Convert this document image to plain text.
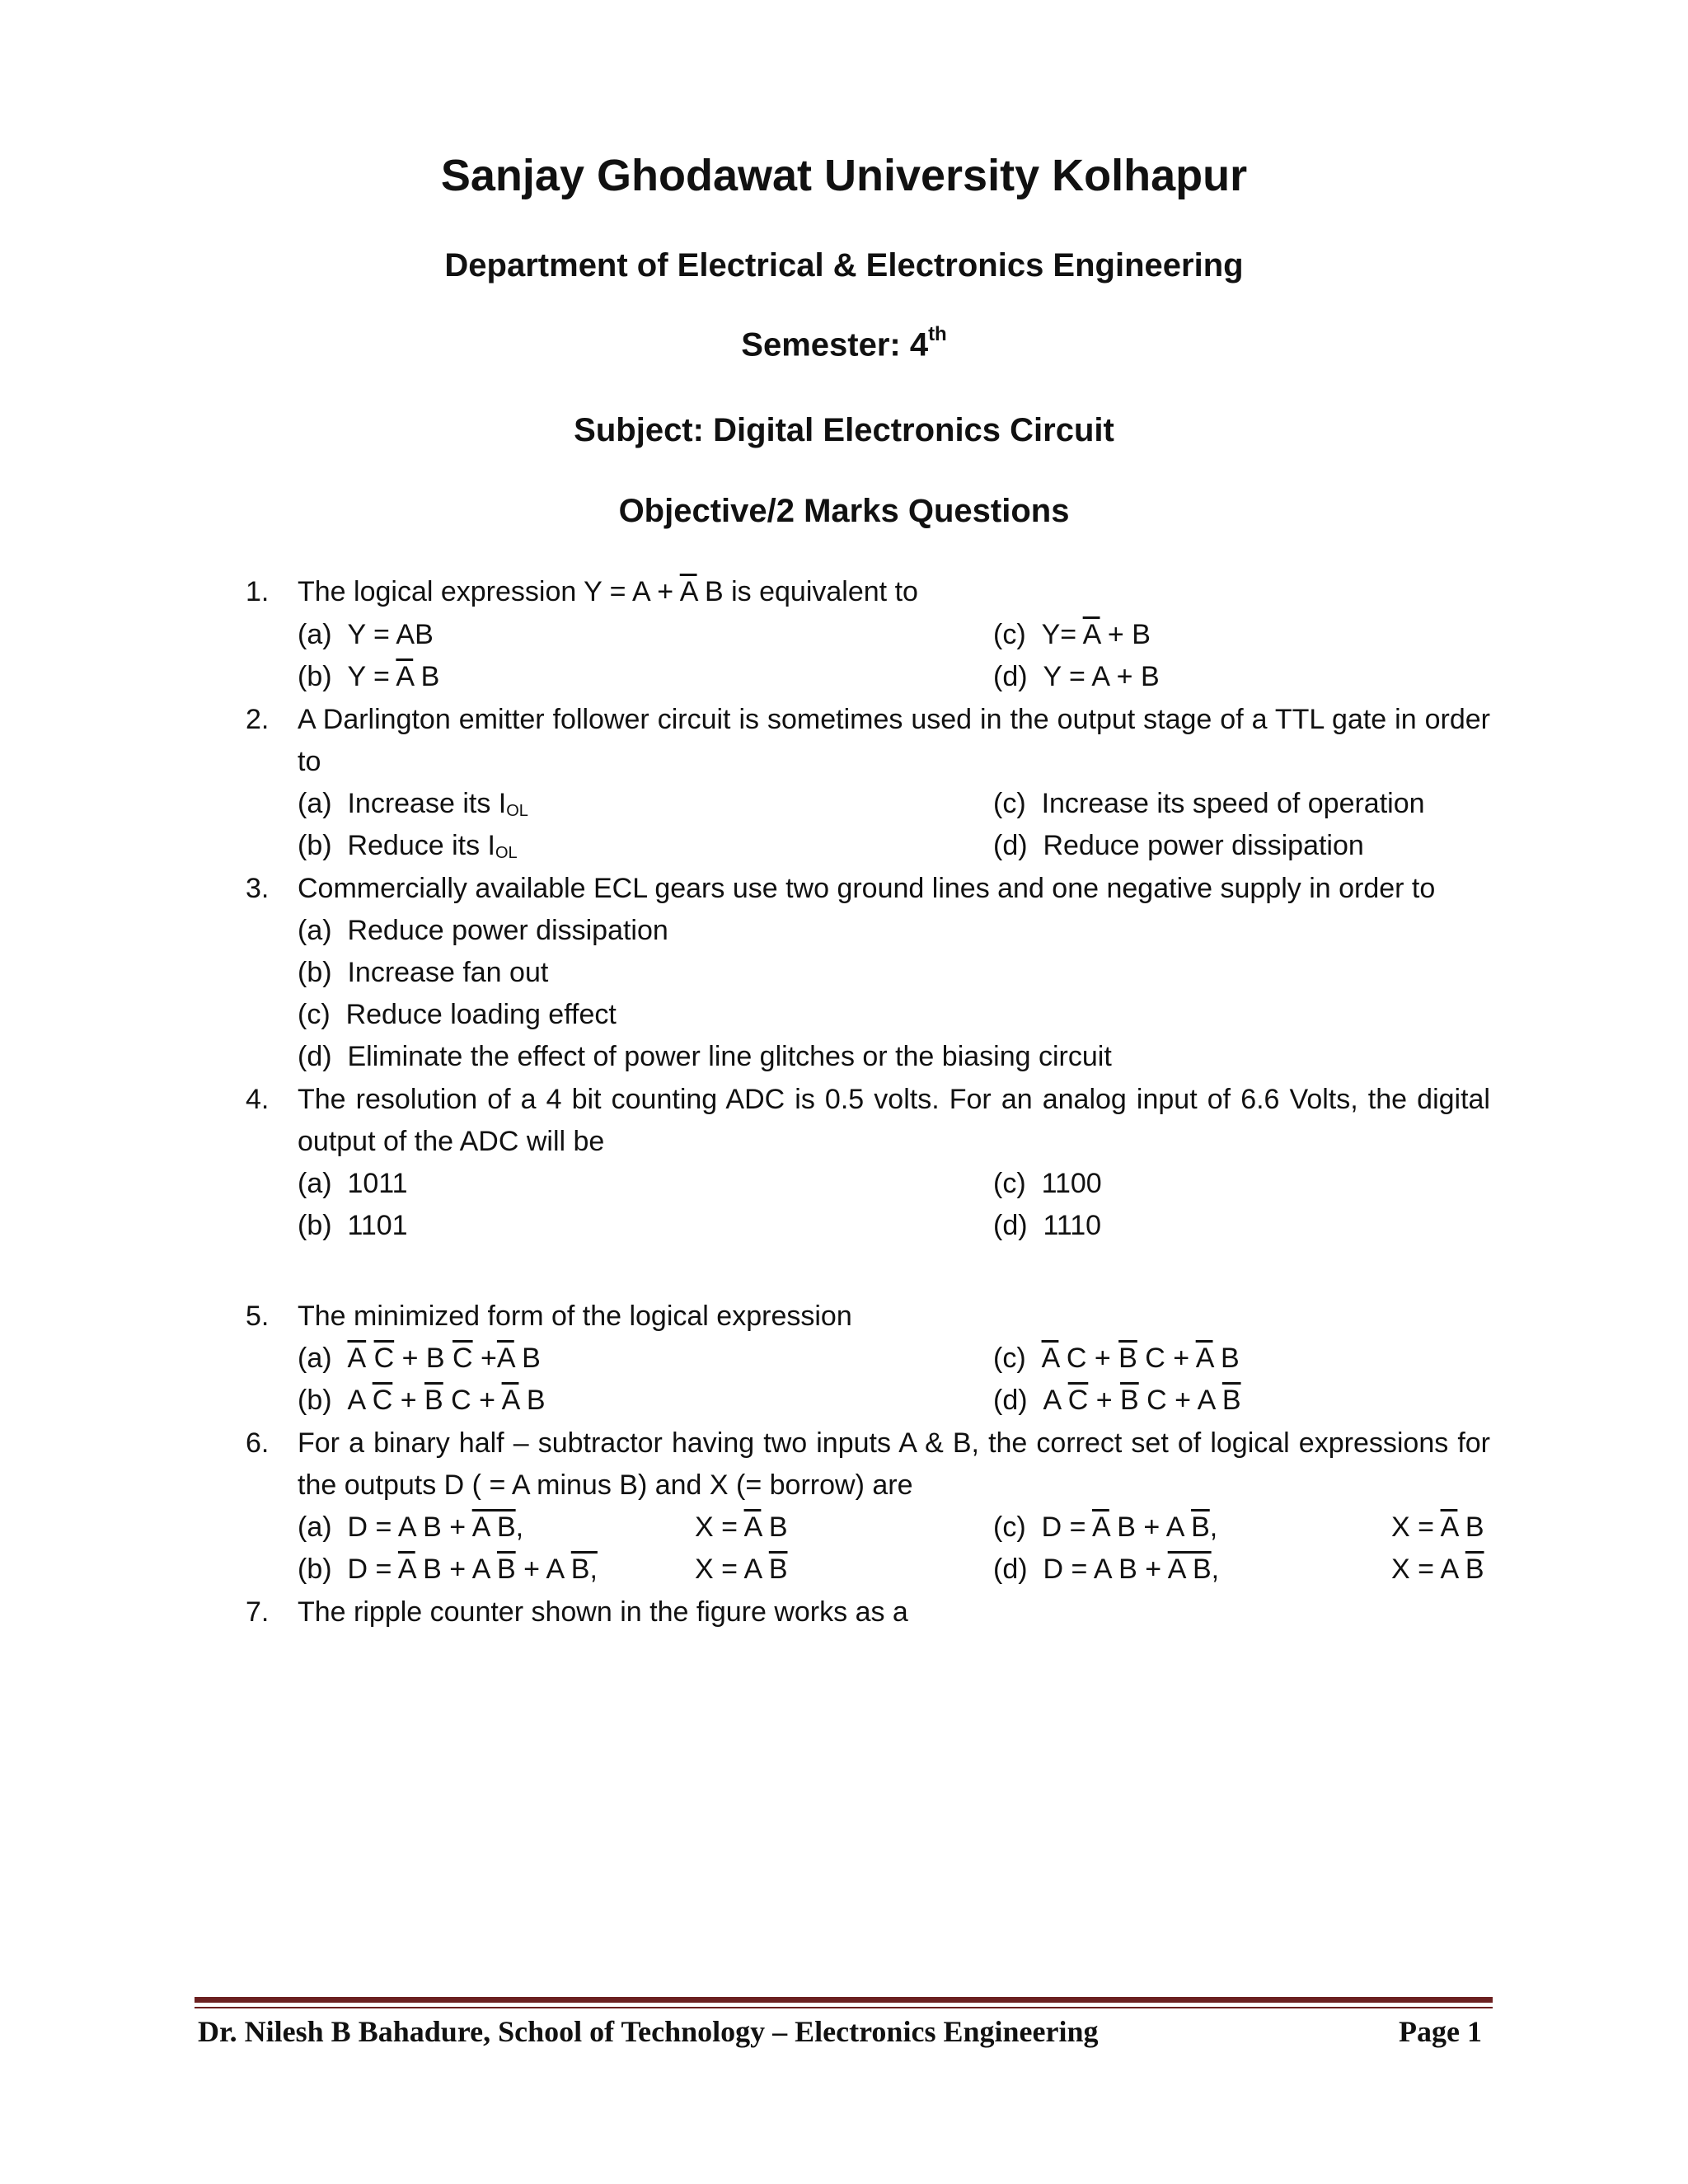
Sanjay Ghodawat University Kolhapur
Department of Electrical & Electronics Engineering
Semester: 4th
Subject: Digital Electronics Circuit
Objective/2 Marks Questions
1. The logical expression $Y = A + \overline{A}$ B is equivalent to
(a) Y = AB	(c) $Y= \overline{A} + B$
(b) $Y = \overline{A}$ B	(d) Y = A + B
2. A Darlington emitter follower circuit is sometimes used in the output stage of a TTL gate in order
to
(a) Increase its $I_{OL}$	(c) Increase its speed of operation
(b) Reduce its $I_{OL}$	(d) Reduce power dissipation
3. Commercially available ECL gears use two ground lines and one negative supply in order to
(a) Reduce power dissipation
(b) Increase fan out
(c) Reduce loading effect
(d) Eliminate the effect of power line glitches or the biasing circuit
4. The resolution of a 4 bit counting ADC is 0.5 volts. For an analog input of 6.6 Volts, the digital
output of the ADC will be
(a) 1011	(c) 1100
(b) 1101	(d) 1110
5. The minimized form of the logical expression
(a) $\overline{A}$ $\overline{C} + B$ $\overline{C} +\overline{A}$ B	(c) $\overline{A}$ $C + \overline{B}$ $C + \overline{A}$ B
(b) A $\overline{C} + \overline{B}$ $C + \overline{A}$ B	(d) A $\overline{C} + \overline{B}$ C + A $\overline{B}$
6. For a binary half – subtractor having two inputs A & B, the correct set of logical expressions for
the outputs D ( = A minus B) and X (= borrow) are
(a) D = A B + A B,	$X = \overline{A}$ B	(c) $D = \overline{A}$ B + A $\overline{B}$,	$X = \overline{A}$ B
(b) $D = \overline{A}$ B + A $\overline{B} + A$ B,	X = A $\overline{B}$	(d) D = A B + A B,	X = A $\overline{B}$
7. The ripple counter shown in the figure works as a
Dr. Nilesh B Bahadure, School of Technology – Electronics Engineering	Page 1
